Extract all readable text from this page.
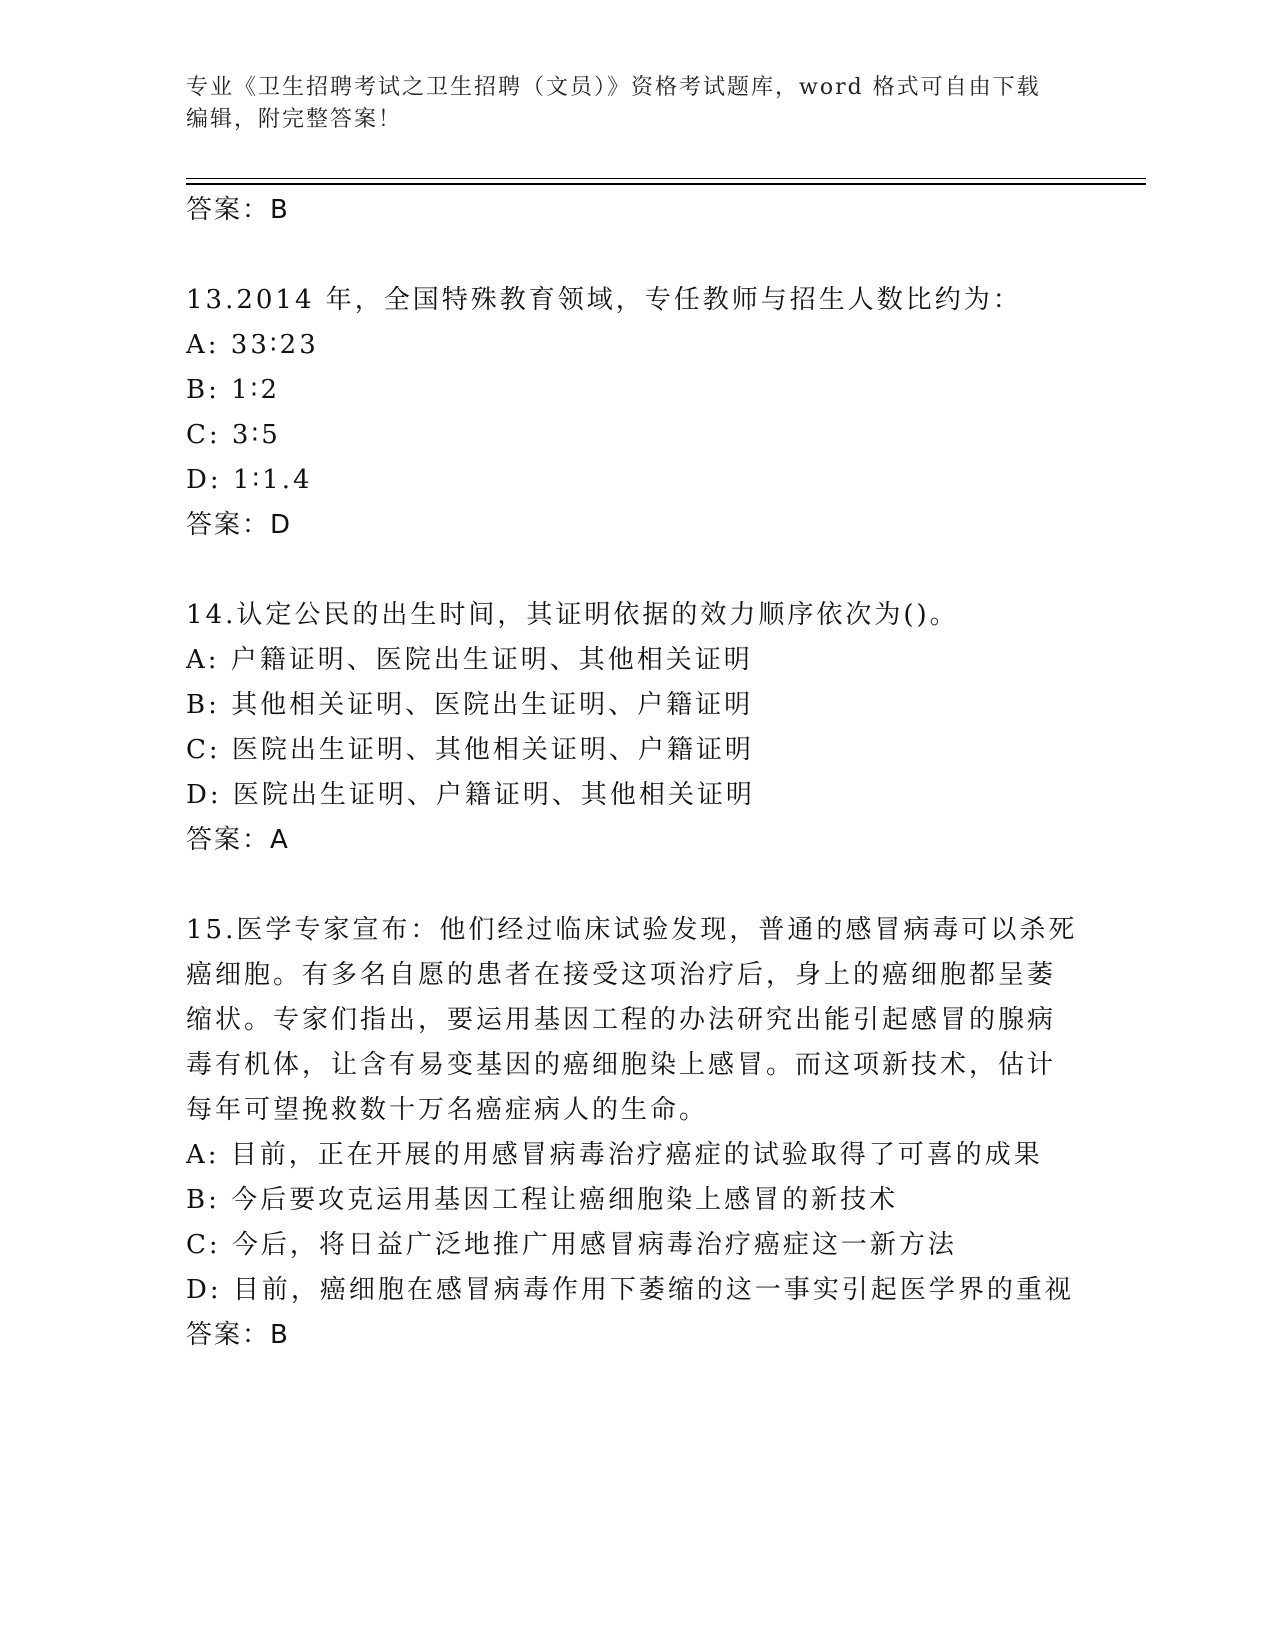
专业《卫生招聘考试之卫生招聘（文员）》资格考试题库，word 格式可自由下载
编辑，附完整答案！
答案：B
13.2014 年，全国特殊教育领域，专任教师与招生人数比约为：
A: 33∶23
B: 1∶2
C: 3∶5
D: 1∶1.4
答案：D
14.认定公民的出生时间，其证明依据的效力顺序依次为()。
A: 户籍证明、医院出生证明、其他相关证明
B: 其他相关证明、医院出生证明、户籍证明
C: 医院出生证明、其他相关证明、户籍证明
D: 医院出生证明、户籍证明、其他相关证明
答案：A
15.医学专家宣布：他们经过临床试验发现，普通的感冒病毒可以杀死
癌细胞。有多名自愿的患者在接受这项治疗后，身上的癌细胞都呈萎
缩状。专家们指出，要运用基因工程的办法研究出能引起感冒的腺病
毒有机体，让含有易变基因的癌细胞染上感冒。而这项新技术，估计
每年可望挽救数十万名癌症病人的生命。
A: 目前，正在开展的用感冒病毒治疗癌症的试验取得了可喜的成果
B: 今后要攻克运用基因工程让癌细胞染上感冒的新技术
C: 今后，将日益广泛地推广用感冒病毒治疗癌症这一新方法
D: 目前，癌细胞在感冒病毒作用下萎缩的这一事实引起医学界的重视
答案：B
